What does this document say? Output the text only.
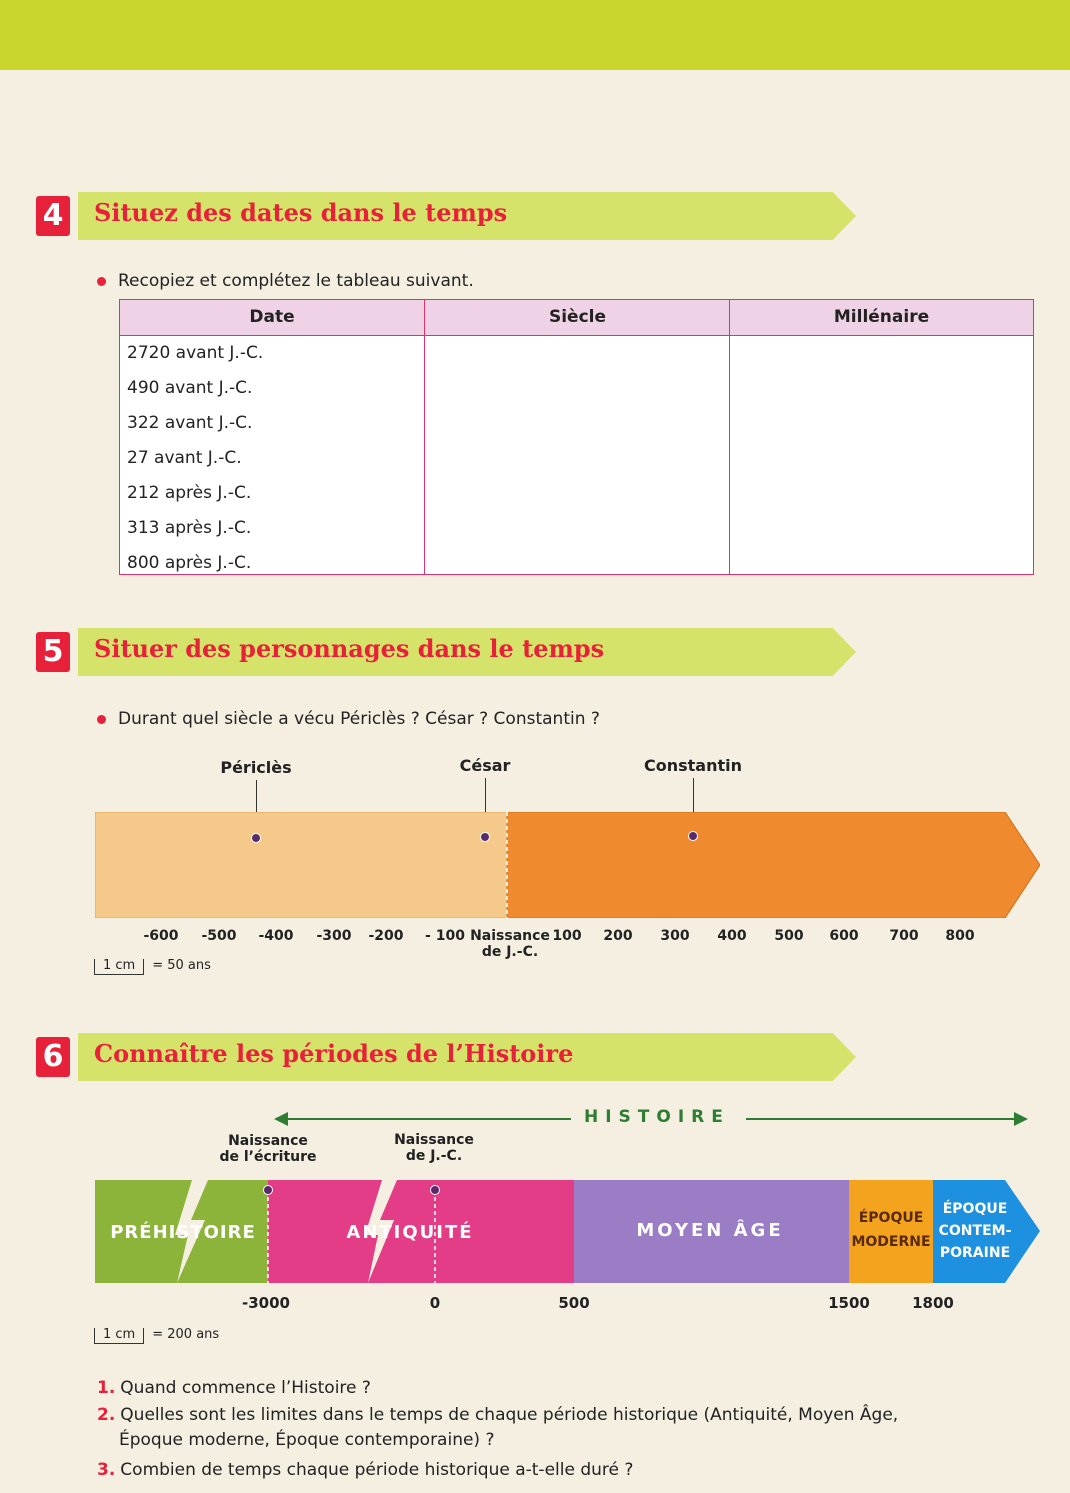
4 Situez des dates dans le temps
Recopiez et complétez le tableau suivant.
Date	Siècle	Millénaire
2720 avant J.-C.
490 avant J.-C.
322 avant J.-C.
27 avant J.-C.
212 après J.-C.
313 après J.-C.
800 après J.-C.
5 Situer des personnages dans le temps
Durant quel siècle a vécu Périclès ? César ? Constantin ?
Périclès	César	Constantin
-600 -500 -400 -300 -200 - 100 Naissance
de J.-C.
100 200 300 400 500 600 700 800
1 cm = 50 ans
6 Connaître les périodes de l’Histoire
HISTOIRE
Naissance
de l’écriture
Naissance
de J.-C.
PRÉHISTOIRE	ANTIQUITÉ	MOYEN ÂGE
ÉPOQUE
MODERNE
ÉPOQUE
CONTEM-
PORAINE
-3000	0	500	1500	1800
1 cm = 200 ans
1. Quand commence l’Histoire ?
2. Quelles sont les limites dans le temps de chaque période historique (Antiquité, Moyen Âge,
Époque moderne, Époque contemporaine) ?
3. Combien de temps chaque période historique a-t-elle duré ?
